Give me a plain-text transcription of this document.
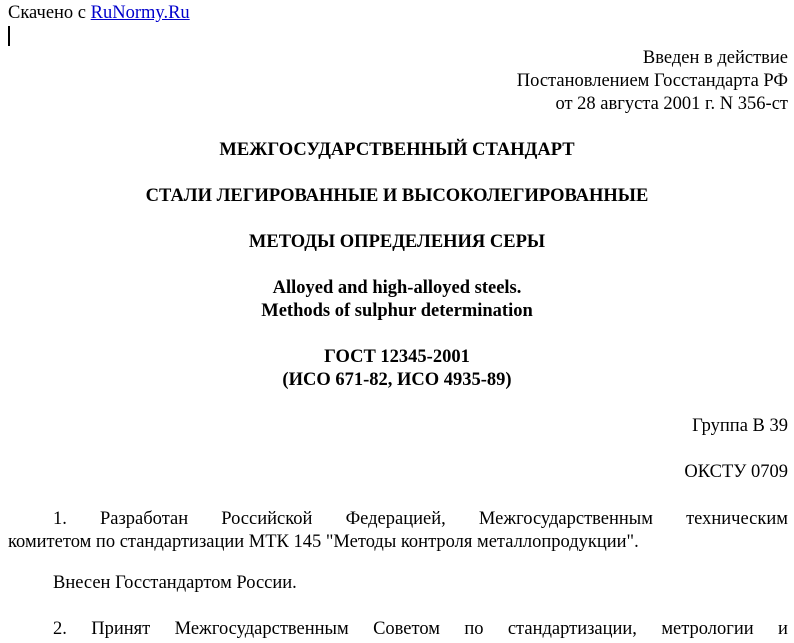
Скачено с RuNormy.Ru
Введен в действие
Постановлением Госстандарта РФ
от 28 августа 2001 г. N 356-ст
МЕЖГОСУДАРСТВЕННЫЙ СТАНДАРТ
СТАЛИ ЛЕГИРОВАННЫЕ И ВЫСОКОЛЕГИРОВАННЫЕ
МЕТОДЫ ОПРЕДЕЛЕНИЯ СЕРЫ
Alloyed and high-alloyed steels.
Methods of sulphur determination
ГОСТ 12345-2001
(ИСО 671-82, ИСО 4935-89)
Группа В 39
ОКСТУ 0709
1. Разработан Российской Федерацией, Межгосударственным техническим
комитетом по стандартизации МТК 145 "Методы контроля металлопродукции".
Внесен Госстандартом России.
2. Принят Межгосударственным Советом по стандартизации, метрологии и
